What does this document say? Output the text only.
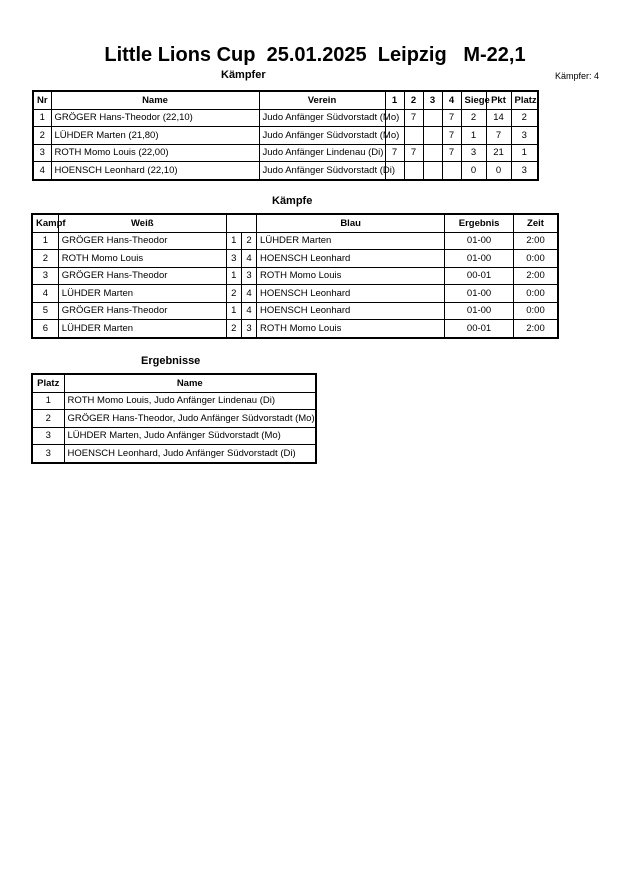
Little Lions Cup  25.01.2025  Leipzig   M-22,1
Kämpfer	Kämpfer: 4
Nr	Name	Verein	1	2	3	4	Siege	Pkt	Platz
1	GRÖGER Hans-Theodor (22,10)	Judo Anfänger Südvorstadt (Mo)		7		7	2	14	2
2	LÜHDER Marten (21,80)	Judo Anfänger Südvorstadt (Mo)				7	1	7	3
3	ROTH Momo Louis (22,00)	Judo Anfänger Lindenau (Di)	7	7		7	3	21	1
4	HOENSCH Leonhard (22,10)	Judo Anfänger Südvorstadt (Di)					0	0	3
Kämpfe
Kampf	Weiß			Blau	Ergebnis	Zeit
1	GRÖGER Hans-Theodor	1	2	LÜHDER Marten	01-00	2:00
2	ROTH Momo Louis	3	4	HOENSCH Leonhard	01-00	0:00
3	GRÖGER Hans-Theodor	1	3	ROTH Momo Louis	00-01	2:00
4	LÜHDER Marten	2	4	HOENSCH Leonhard	01-00	0:00
5	GRÖGER Hans-Theodor	1	4	HOENSCH Leonhard	01-00	0:00
6	LÜHDER Marten	2	3	ROTH Momo Louis	00-01	2:00
Ergebnisse
Platz	Name
1	ROTH Momo Louis, Judo Anfänger Lindenau (Di)
2	GRÖGER Hans-Theodor, Judo Anfänger Südvorstadt (Mo)
3	LÜHDER Marten, Judo Anfänger Südvorstadt (Mo)
3	HOENSCH Leonhard, Judo Anfänger Südvorstadt (Di)
